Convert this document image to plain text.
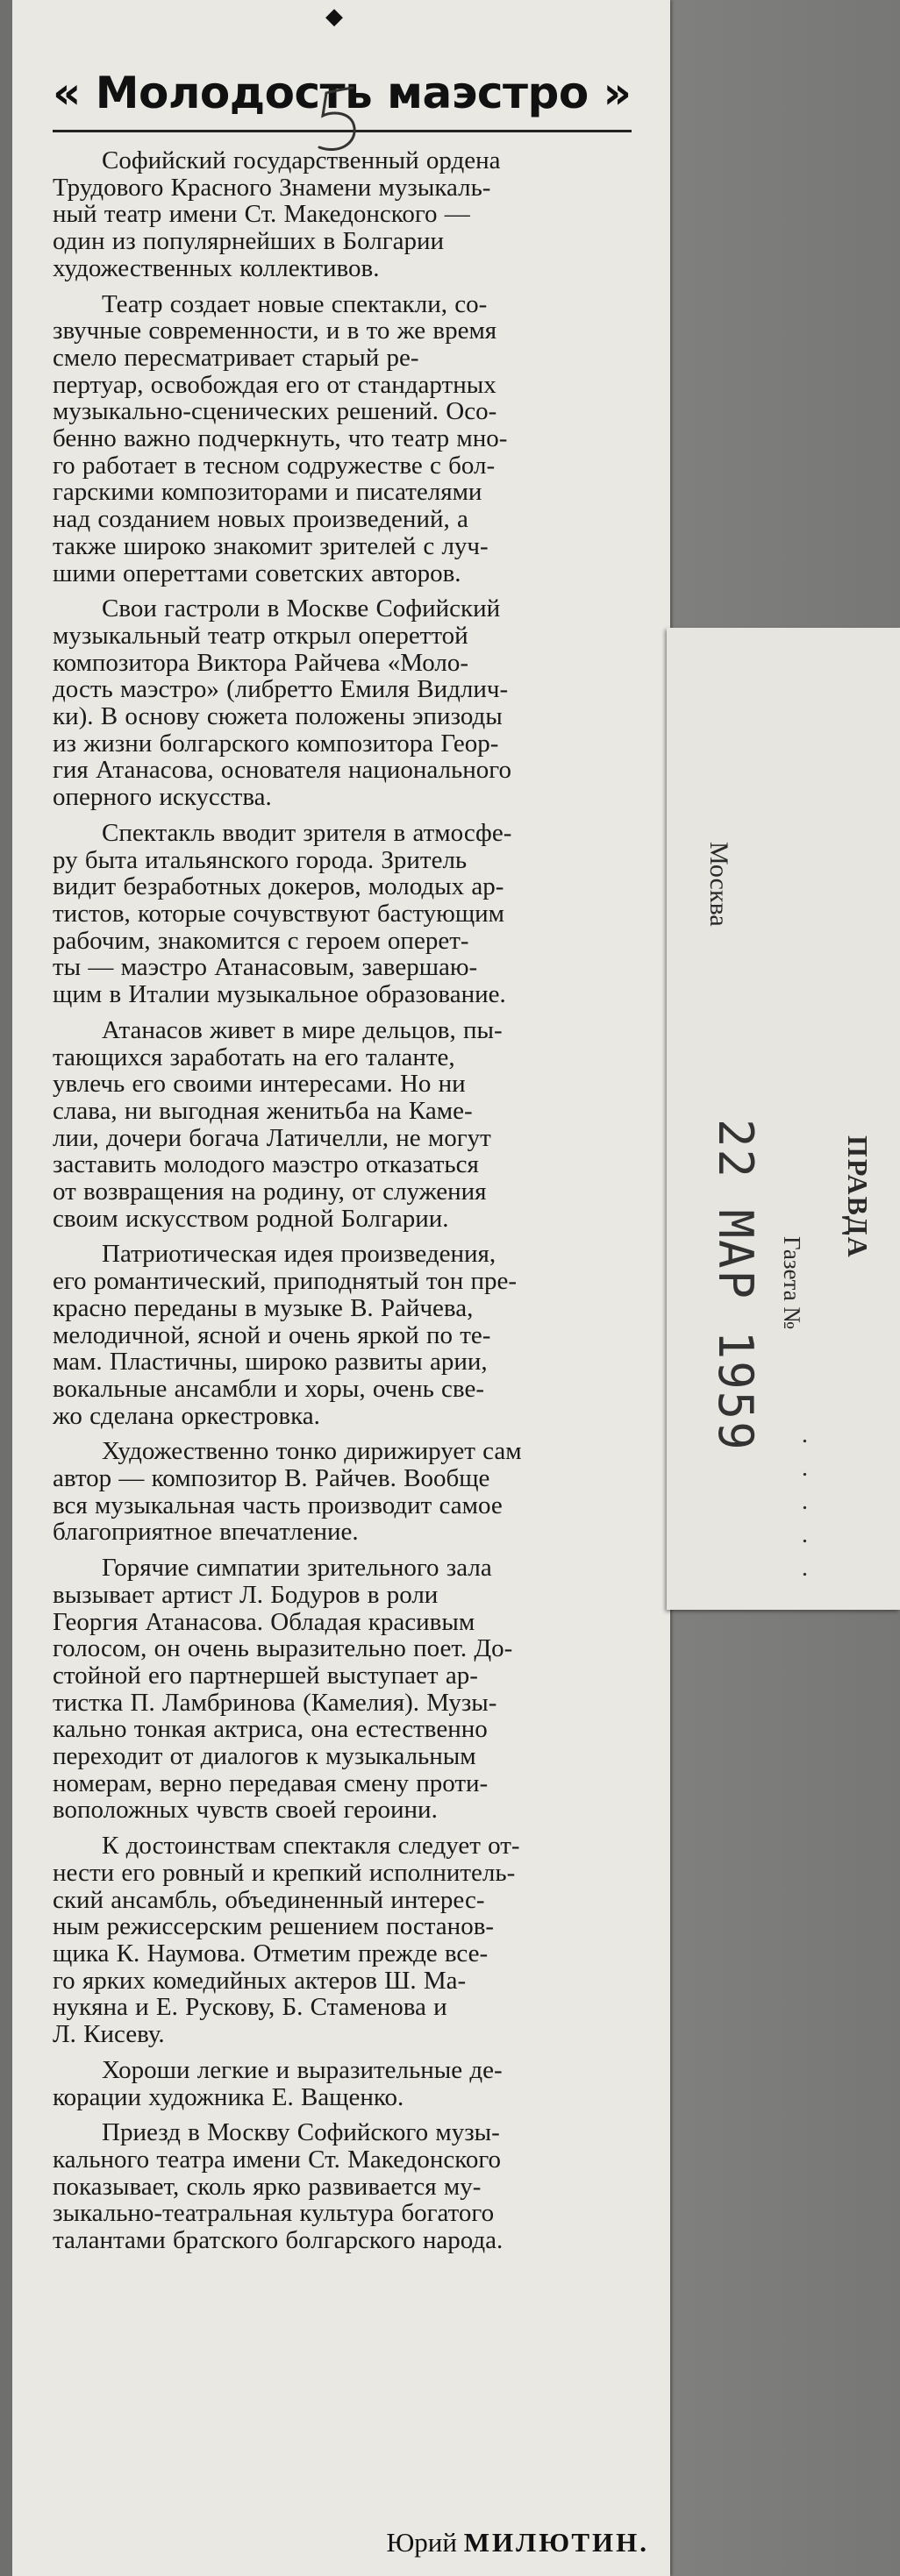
◆
« Молодость маэстро »

Софийский государственный ордена
Трудового Красного Знамени музыкаль-
ный театр имени Ст. Македонского —
один из популярнейших в Болгарии
художественных коллективов.

Театр создает новые спектакли, со-
звучные современности, и в то же время
смело пересматривает старый ре-
пертуар, освобождая его от стандартных
музыкально-сценических решений. Осо-
бенно важно подчеркнуть, что театр мно-
го работает в тесном содружестве с бол-
гарскими композиторами и писателями
над созданием новых произведений, а
также широко знакомит зрителей с луч-
шими опереттами советских авторов.

Свои гастроли в Москве Софийский
музыкальный театр открыл опереттой
композитора Виктора Райчева «Моло-
дость маэстро» (либретто Емиля Видлич-
ки). В основу сюжета положены эпизоды
из жизни болгарского композитора Геор-
гия Атанасова, основателя национального
оперного искусства.

Спектакль вводит зрителя в атмосфе-
ру быта итальянского города. Зритель
видит безработных докеров, молодых ар-
тистов, которые сочувствуют бастующим
рабочим, знакомится с героем оперет-
ты — маэстро Атанасовым, завершаю-
щим в Италии музыкальное образование.

Атанасов живет в мире дельцов, пы-
тающихся заработать на его таланте,
увлечь его своими интересами. Но ни
слава, ни выгодная женитьба на Каме-
лии, дочери богача Латичелли, не могут
заставить молодого маэстро отказаться
от возвращения на родину, от служения
своим искусством родной Болгарии.

Патриотическая идея произведения,
его романтический, приподнятый тон пре-
красно переданы в музыке В. Райчева,
мелодичной, ясной и очень яркой по те-
мам. Пластичны, широко развиты арии,
вокальные ансамбли и хоры, очень све-
жо сделана оркестровка.

Художественно тонко дирижирует сам
автор — композитор В. Райчев. Вообще
вся музыкальная часть производит самое
благоприятное впечатление.

Горячие симпатии зрительного зала
вызывает артист Л. Бодуров в роли
Георгия Атанасова. Обладая красивым
голосом, он очень выразительно поет. До-
стойной его партнершей выступает ар-
тистка П. Ламбринова (Камелия). Музы-
кально тонкая актриса, она естественно
переходит от диалогов к музыкальным
номерам, верно передавая смену проти-
воположных чувств своей героини.

К достоинствам спектакля следует от-
нести его ровный и крепкий исполнитель-
ский ансамбль, объединенный интерес-
ным режиссерским решением постанов-
щика К. Наумова. Отметим прежде все-
го ярких комедийных актеров Ш. Ма-
нукяна и Е. Рускову, Б. Стаменова и
Л. Кисеву.

Хороши легкие и выразительные де-
корации художника Е. Ващенко.

Приезд в Москву Софийского музы-
кального театра имени Ст. Македонского
показывает, сколь ярко развивается му-
зыкально-театральная культура богатого
талантами братского болгарского народа.

Юрий МИЛЮТИН.
Москва
ПРАВДА
22 МАР 1959 Газета №
. . . . .
